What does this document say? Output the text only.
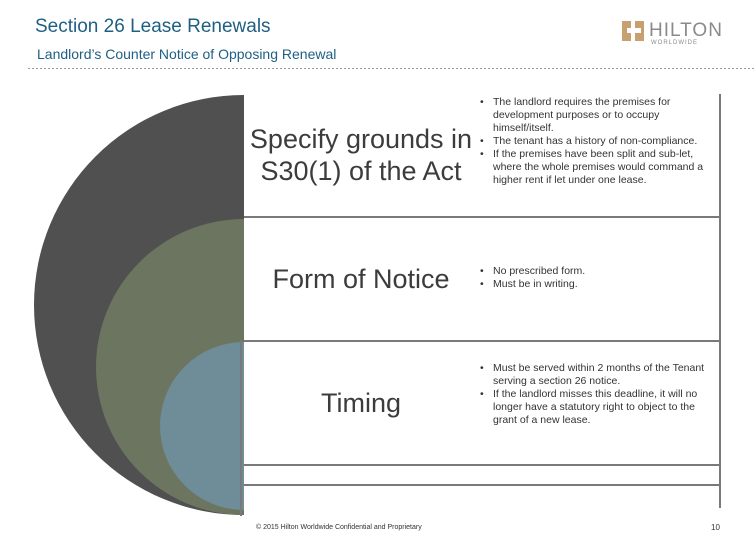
Section 26 Lease Renewals
Landlord’s Counter Notice of Opposing Renewal
HILTON
WORLDWIDE
Specify grounds in S30(1) of the Act
• The landlord requires the premises for development purposes or to occupy himself/itself.
• The tenant has a history of non-compliance.
• If the premises have been split and sub-let, where the whole premises would command a higher rent if let under one lease.
Form of Notice
Timing
• No prescribed form.
• Must be in writing.
• Must be served within 2 months of the Tenant serving a section 26 notice.
• If the landlord misses this deadline, it will no longer have a statutory right to object to the grant of a new lease.
© 2015 Hilton Worldwide Confidential and Proprietary	10
